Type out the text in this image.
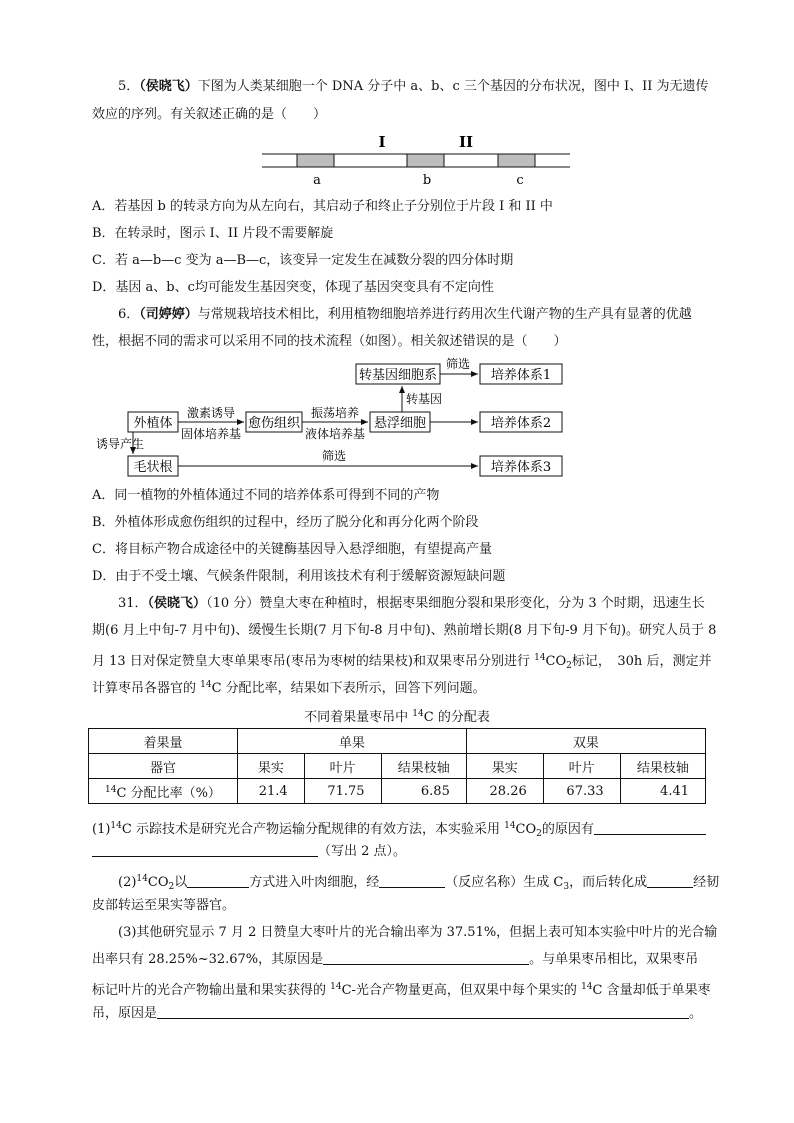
5．（侯晓飞）下图为人类某细胞一个 DNA 分子中 a、b、c 三个基因的分布状况，图中 I、II 为无遗传
效应的序列。有关叙述正确的是（　　）
I	II
a	b	c
A．若基因 b 的转录方向为从左向右，其启动子和终止子分别位于片段 I 和 II 中
B．在转录时，图示 I、II 片段不需要解旋
C．若 a—b—c 变为 a—B—c，该变异一定发生在减数分裂的四分体时期
D．基因 a、b、c均可能发生基因突变，体现了基因突变具有不定向性
6．（司婷婷）与常规栽培技术相比，利用植物细胞培养进行药用次生代谢产物的生产具有显著的优越
性，根据不同的需求可以采用不同的技术流程（如图）。相关叙述错误的是（　　）
转基因细胞系	培养体系1
外植体	愈伤组织	悬浮细胞	培养体系2
毛状根	培养体系3
筛选
激素诱导
固体培养基
振荡培养
液体培养基
转基因
诱导产生
筛选
A．同一植物的外植体通过不同的培养体系可得到不同的产物
B．外植体形成愈伤组织的过程中，经历了脱分化和再分化两个阶段
C．将目标产物合成途径中的关键酶基因导入悬浮细胞，有望提高产量
D．由于不受土壤、气候条件限制，利用该技术有利于缓解资源短缺问题
31．（侯晓飞）（10 分）赞皇大枣在种植时，根据枣果细胞分裂和果形变化，分为 3 个时期，迅速生长
期(6 月上中旬-7 月中旬)、缓慢生长期(7 月下旬-8 月中旬)、熟前增长期(8 月下旬-9 月下旬)。研究人员于 8
月 13 日对保定赞皇大枣单果枣吊(枣吊为枣树的结果枝)和双果枣吊分别进行 $^{14}CO_2$标记，　30h 后，测定并
计算枣吊各器官的 $^{14}$C 分配比率，结果如下表所示，回答下列问题。
不同着果量枣吊中 $^{14}$C 的分配表
着果量	单果			双果		
器官	果实	叶片	结果枝轴	果实	叶片	结果枝轴
$^{14}$C 分配比率（%）	21.4	71.75	6.85	28.26	67.33	4.41
$(1)^{14}C$ 示踪技术是研究光合产物运输分配规律的有效方法，本实验采用 $^{14}CO_2$的原因有
（写出 2 点）。
$(2)^{14}CO_2$以	方式进入叶肉细胞，经	（反应名称）生成 $C_3$，而后转化成	经韧
皮部转运至果实等器官。
(3)其他研究显示 7 月 2 日赞皇大枣叶片的光合输出率为 37.51%，但据上表可知本实验中叶片的光合输
出率只有 28.25%~32.67%，其原因是	。与单果枣吊相比，双果枣吊
标记叶片的光合产物输出量和果实获得的 $^{14}$C-光合产物量更高，但双果中每个果实的 $^{14}$C 含量却低于单果枣
吊，原因是	。
